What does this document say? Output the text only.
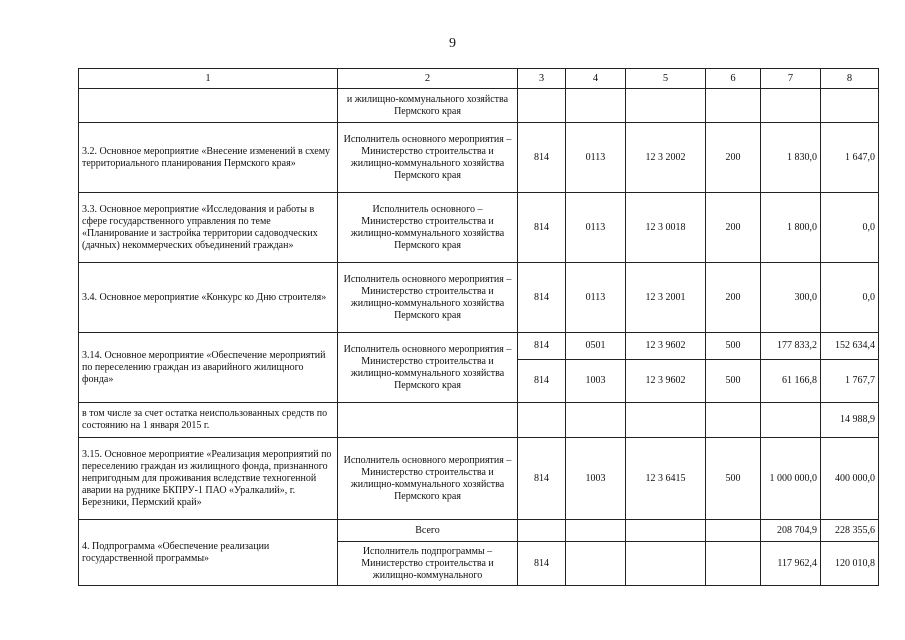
9
1	2	3	4	5	6	7	8
	и жилищно-коммунального хозяйства Пермского края						
3.2. Основное мероприятие «Внесение изменений в схему территориального планирования Пермского края»	Исполнитель основного мероприятия – Министерство строительства и жилищно-коммунального хозяйства Пермского края	814	0113	12 3 2002	200	1 830,0	1 647,0
3.3. Основное мероприятие «Исследования и работы в сфере государственного управления по теме «Планирование и застройка территории садоводческих (дачных) некоммерческих объединений граждан»	Исполнитель основного – Министерство строительства и жилищно-коммунального хозяйства Пермского края	814	0113	12 3 0018	200	1 800,0	0,0
3.4. Основное мероприятие «Конкурс ко Дню строителя»	Исполнитель основного мероприятия – Министерство строительства и жилищно-коммунального хозяйства Пермского края	814	0113	12 3 2001	200	300,0	0,0
3.14. Основное мероприятие «Обеспечение мероприятий по переселению граждан из аварийного жилищного фонда»	Исполнитель основного мероприятия – Министерство строительства и жилищно-коммунального хозяйства Пермского края	814	0501	12 3 9602	500	177 833,2	152 634,4
		814	1003	12 3 9602	500	61 166,8	1 767,7
в том числе за счет остатка неиспользованных средств по состоянию на 1 января 2015 г.							14 988,9
3.15. Основное мероприятие «Реализация мероприятий по переселению граждан из жилищного фонда, признанного непригодным для проживания вследствие техногенной аварии на руднике БКПРУ-1 ПАО «Уралкалий», г. Березники, Пермский край»	Исполнитель основного мероприятия – Министерство строительства и жилищно-коммунального хозяйства Пермского края	814	1003	12 3 6415	500	1 000 000,0	400 000,0
4. Подпрограмма «Обеспечение реализации государственной программы»	Всего					208 704,9	228 355,6
	Исполнитель подпрограммы – Министерство строительства и жилищно-коммунального	814				117 962,4	120 010,8
